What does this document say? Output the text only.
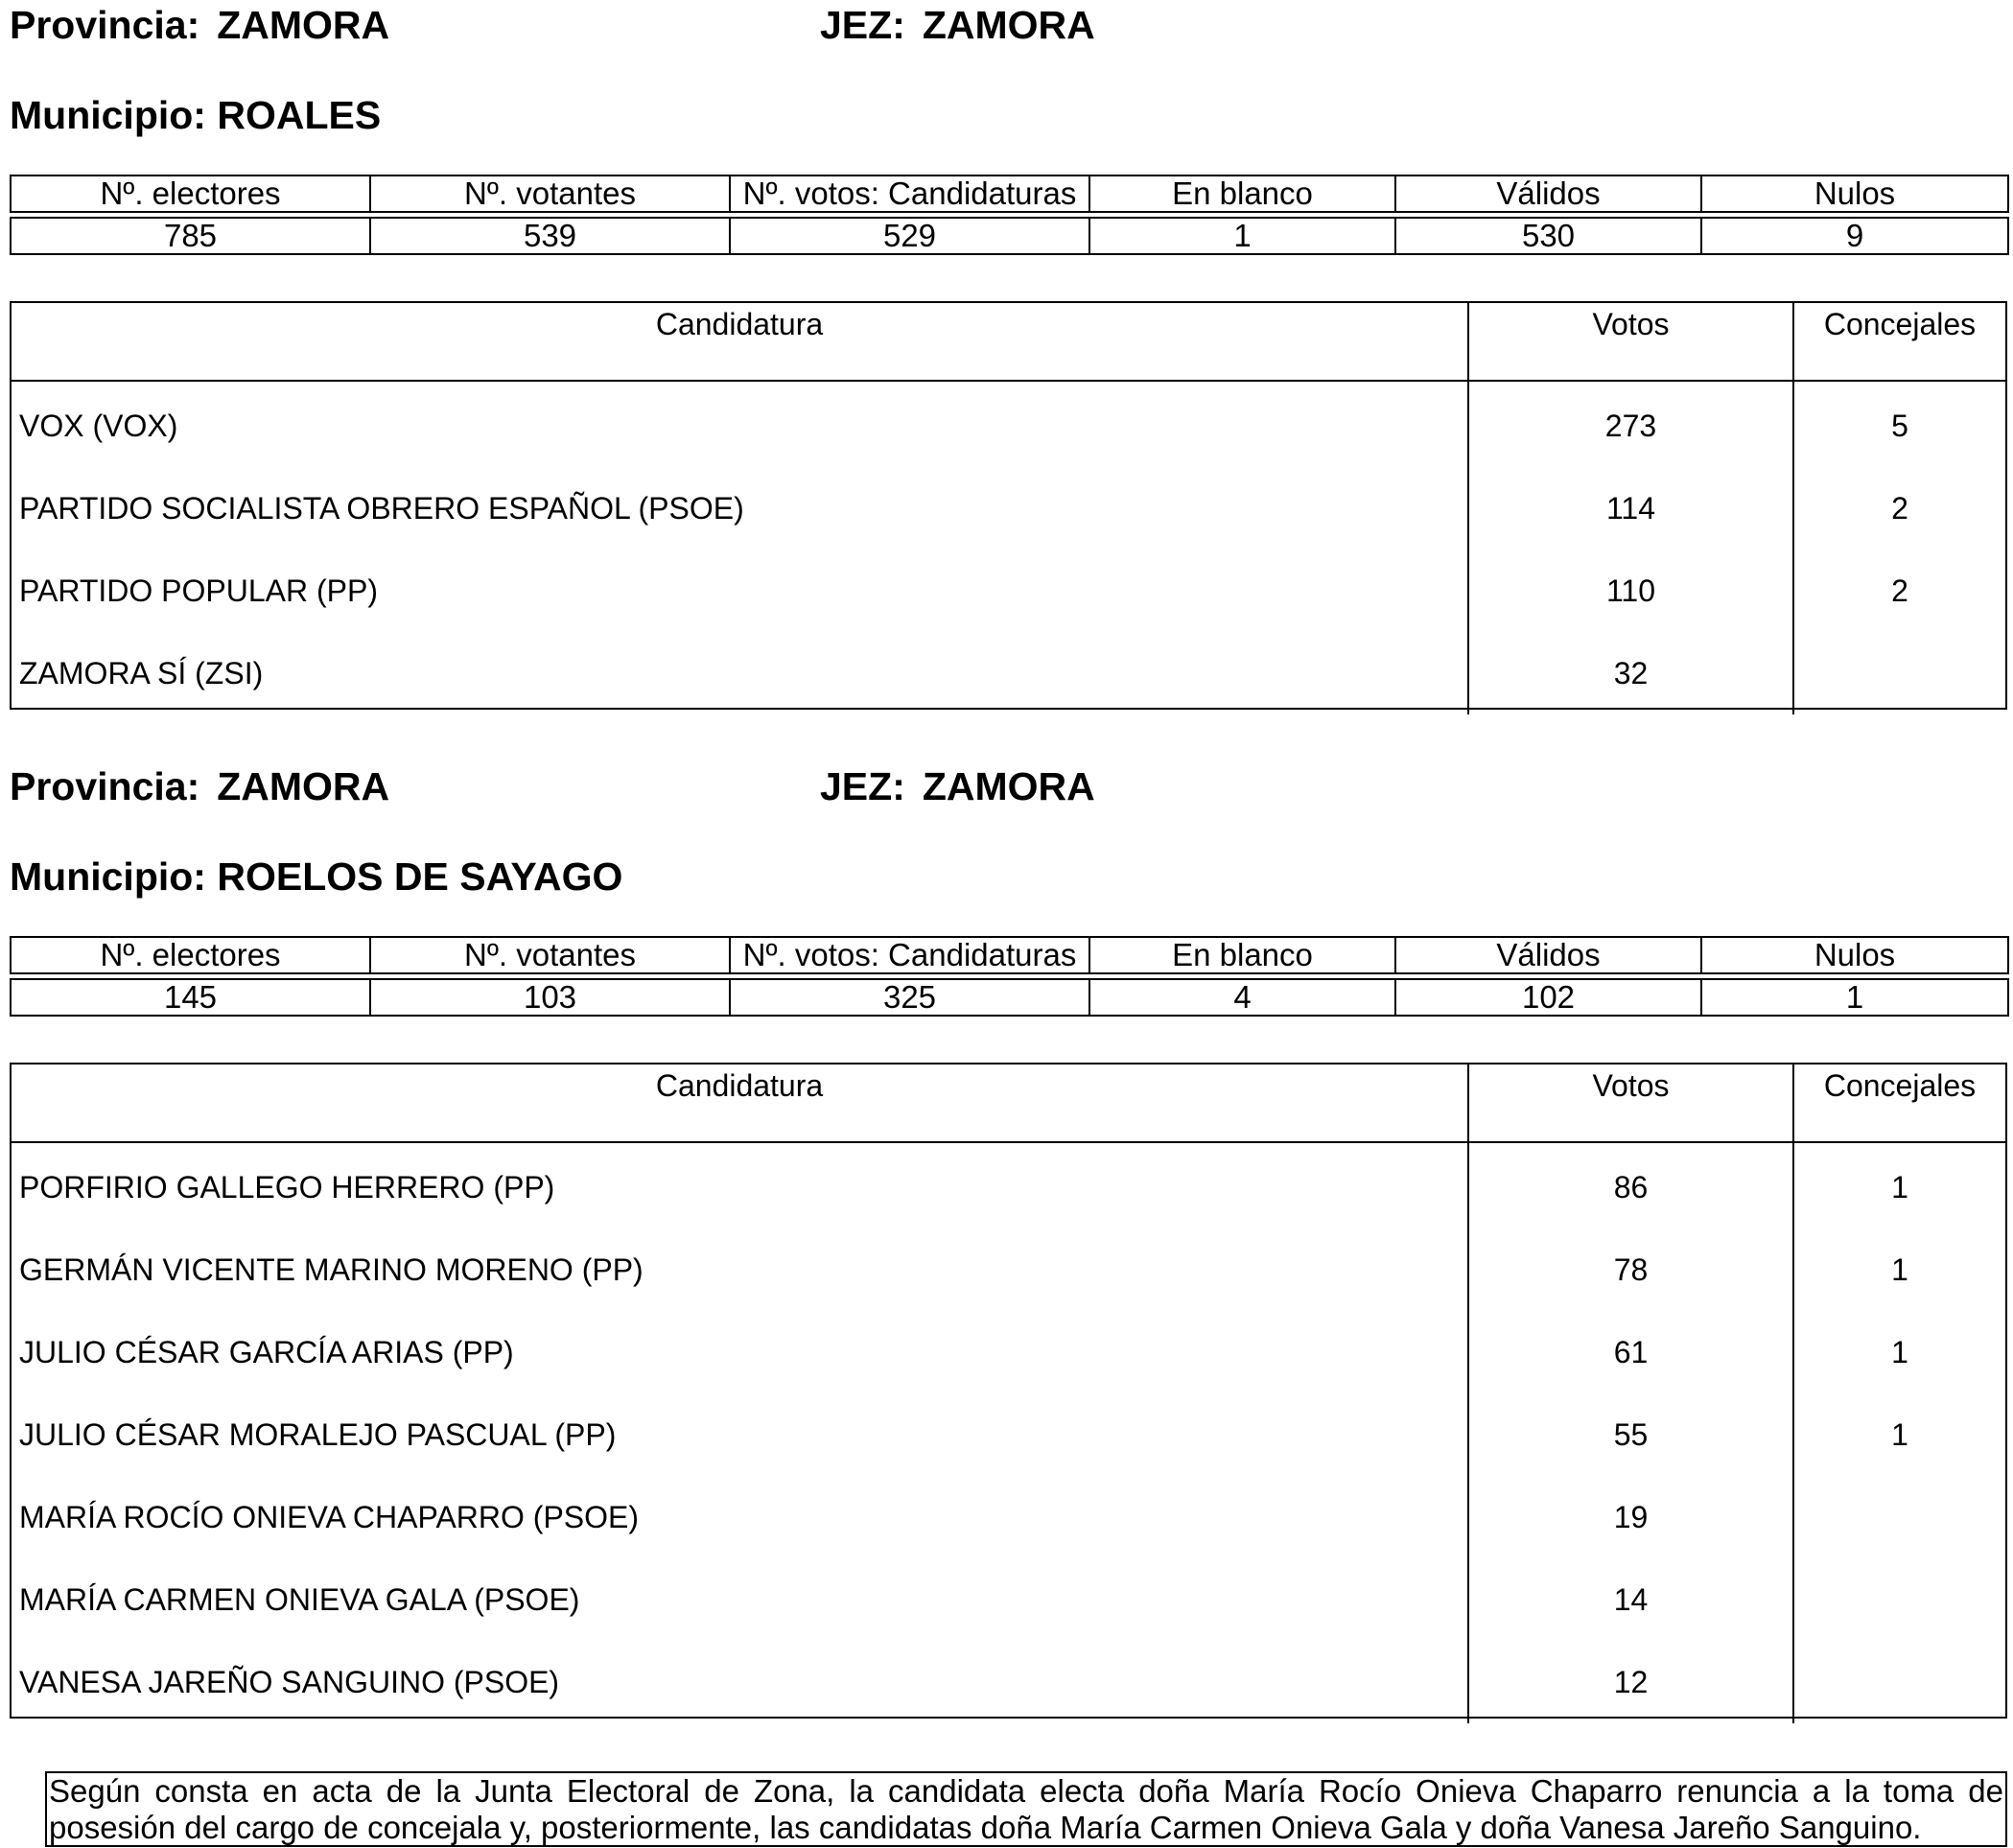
Provincia: ZAMORA	JEZ: ZAMORA
Municipio: ROALES
Nº. electores	Nº. votantes	Nº. votos: Candidaturas	En blanco	Válidos	Nulos

785	539	529	1	530	9
Candidatura	Votos	Concejales
VOX (VOX)	273	5
PARTIDO SOCIALISTA OBRERO ESPAÑOL (PSOE)	114	2
PARTIDO POPULAR (PP)	110	2
ZAMORA SÍ (ZSI)	32
Provincia: ZAMORA	JEZ: ZAMORA
Municipio: ROELOS DE SAYAGO
Nº. electores	Nº. votantes	Nº. votos: Candidaturas	En blanco	Válidos	Nulos

145	103	325	4	102	1
Candidatura	Votos	Concejales
PORFIRIO GALLEGO HERRERO (PP)	86	1
GERMÁN VICENTE MARINO MORENO (PP)	78	1
JULIO CÉSAR GARCÍA ARIAS (PP)	61	1
JULIO CÉSAR MORALEJO PASCUAL (PP)	55	1
MARÍA ROCÍO ONIEVA CHAPARRO (PSOE)	19
MARÍA CARMEN ONIEVA GALA (PSOE)	14
VANESA JAREÑO SANGUINO (PSOE)	12
Según consta en acta de la Junta Electoral de Zona, la candidata electa doña María Rocío Onieva Chaparro renuncia a la toma de posesión del cargo de concejala y, posteriormente, las candidatas doña María Carmen Onieva Gala y doña Vanesa Jareño Sanguino.
